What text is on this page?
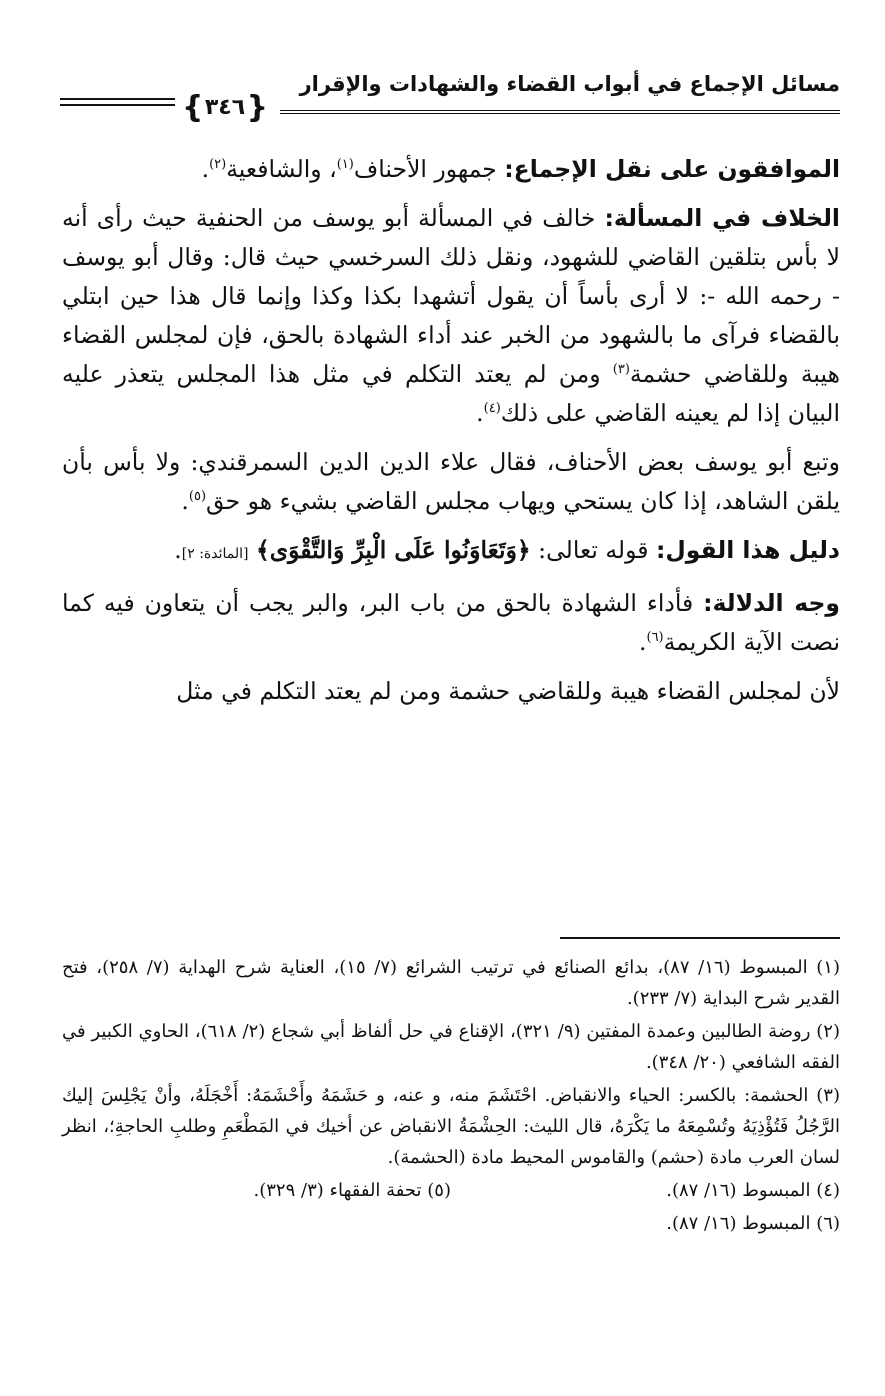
مسائل الإجماع في أبواب القضاء والشهادات والإقرار
{ ٣٤٦ }

الموافقون على نقل الإجماع: جمهور الأحناف$^{(١)}$، والشافعية$^{(٢)}$.

الخلاف في المسألة: خالف في المسألة أبو يوسف من الحنفية حيث رأى أنه لا بأس بتلقين القاضي للشهود، ونقل ذلك السرخسي حيث قال: وقال أبو يوسف - رحمه الله -: لا أرى بأساً أن يقول أتشهدا بكذا وكذا وإنما قال هذا حين ابتلي بالقضاء فرآى ما بالشهود من الخبر عند أداء الشهادة بالحق، فإن لمجلس القضاء هيبة وللقاضي حشمة$^{(٣)}$ ومن لم يعتد التكلم في مثل هذا المجلس يتعذر عليه البيان إذا لم يعينه القاضي على ذلك$^{(٤)}$.

وتبع أبو يوسف بعض الأحناف، فقال علاء الدين الدين السمرقندي: ولا بأس بأن يلقن الشاهد، إذا كان يستحي ويهاب مجلس القاضي بشيء هو حق$^{(٥)}$.

دليل هذا القول: قوله تعالى: ﴿وَتَعَاوَنُوا عَلَى الْبِرِّ وَالتَّقْوَى﴾ [المائدة: ٢].

وجه الدلالة: فأداء الشهادة بالحق من باب البر، والبر يجب أن يتعاون فيه كما نصت الآية الكريمة$^{(٦)}$.

لأن لمجلس القضاء هيبة وللقاضي حشمة ومن لم يعتد التكلم في مثل

(١) المبسوط (١٦/ ٨٧)، بدائع الصنائع في ترتيب الشرائع (٧/ ١٥)، العناية شرح الهداية (٧/ ٢٥٨)، فتح القدير شرح البداية (٧/ ٢٣٣).

(٢) روضة الطالبين وعمدة المفتين (٩/ ٣٢١)، الإقناع في حل ألفاظ أبي شجاع (٢/ ٦١٨)، الحاوي الكبير في الفقه الشافعي (٢٠/ ٣٤٨).

(٣) الحشمة: بالكسر: الحياء والانقباض. احْتَشَمَ منه، و عنه، و حَشَمَهُ وأَحْشَمَهُ: أَخْجَلَهُ، وأنْ يَجْلِسَ إليك الرَّجُلُ فَتُؤْذِيَهُ وتُسْمِعَهُ ما يَكْرَهُ، قال الليث: الحِشْمَةُ الانقباض عن أخيك في المَطْعَمِ وطلبِ الحاجةِ؛، انظر لسان العرب مادة (حشم) والقاموس المحيط مادة (الحشمة).

(٤) المبسوط (١٦/ ٨٧).

(٥) تحفة الفقهاء (٣/ ٣٢٩).

(٦) المبسوط (١٦/ ٨٧).
